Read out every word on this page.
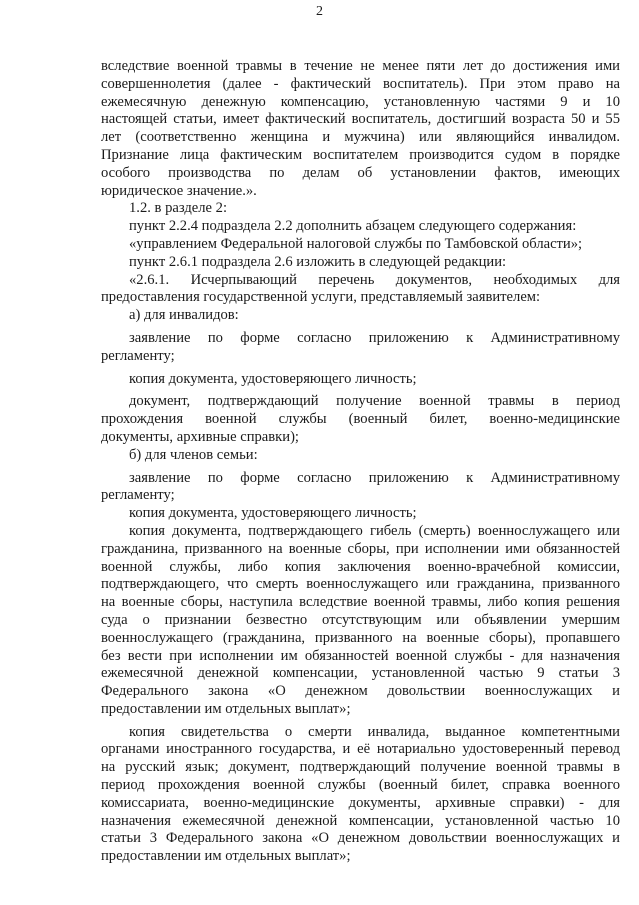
2
вследствие военной травмы в течение не менее пяти лет до достижения ими
совершеннолетия (далее - фактический воспитатель). При этом право на
ежемесячную денежную компенсацию, установленную частями 9 и 10
настоящей статьи, имеет фактический воспитатель, достигший возраста 50 и 55
лет (соответственно женщина и мужчина) или являющийся инвалидом.
Признание лица фактическим воспитателем производится судом в порядке
особого производства по делам об установлении фактов, имеющих
юридическое значение.».
1.2. в разделе 2:
пункт 2.2.4 подраздела 2.2 дополнить абзацем следующего содержания:
«управлением Федеральной налоговой службы по Тамбовской области»;
пункт 2.6.1 подраздела 2.6 изложить в следующей редакции:
«2.6.1. Исчерпывающий перечень документов, необходимых для
предоставления государственной услуги, представляемый заявителем:
а) для инвалидов:
заявление по форме согласно приложению к Административному
регламенту;
копия документа, удостоверяющего личность;
документ, подтверждающий получение военной травмы в период
прохождения военной службы (военный билет, военно-медицинские
документы, архивные справки);
б) для членов семьи:
заявление по форме согласно приложению к Административному
регламенту;
копия документа, удостоверяющего личность;
копия документа, подтверждающего гибель (смерть) военнослужащего или
гражданина, призванного на военные сборы, при исполнении ими обязанностей
военной службы, либо копия заключения военно-врачебной комиссии,
подтверждающего, что смерть военнослужащего или гражданина, призванного
на военные сборы, наступила вследствие военной травмы, либо копия решения
суда о признании безвестно отсутствующим или объявлении умершим
военнослужащего (гражданина, призванного на военные сборы), пропавшего
без вести при исполнении им обязанностей военной службы - для назначения
ежемесячной денежной компенсации, установленной частью 9 статьи 3
Федерального закона «О денежном довольствии военнослужащих и
предоставлении им отдельных выплат»;
копия свидетельства о смерти инвалида, выданное компетентными
органами иностранного государства, и её нотариально удостоверенный перевод
на русский язык; документ, подтверждающий получение военной травмы в
период прохождения военной службы (военный билет, справка военного
комиссариата, военно-медицинские документы, архивные справки) - для
назначения ежемесячной денежной компенсации, установленной частью 10
статьи 3 Федерального закона «О денежном довольствии военнослужащих и
предоставлении им отдельных выплат»;
